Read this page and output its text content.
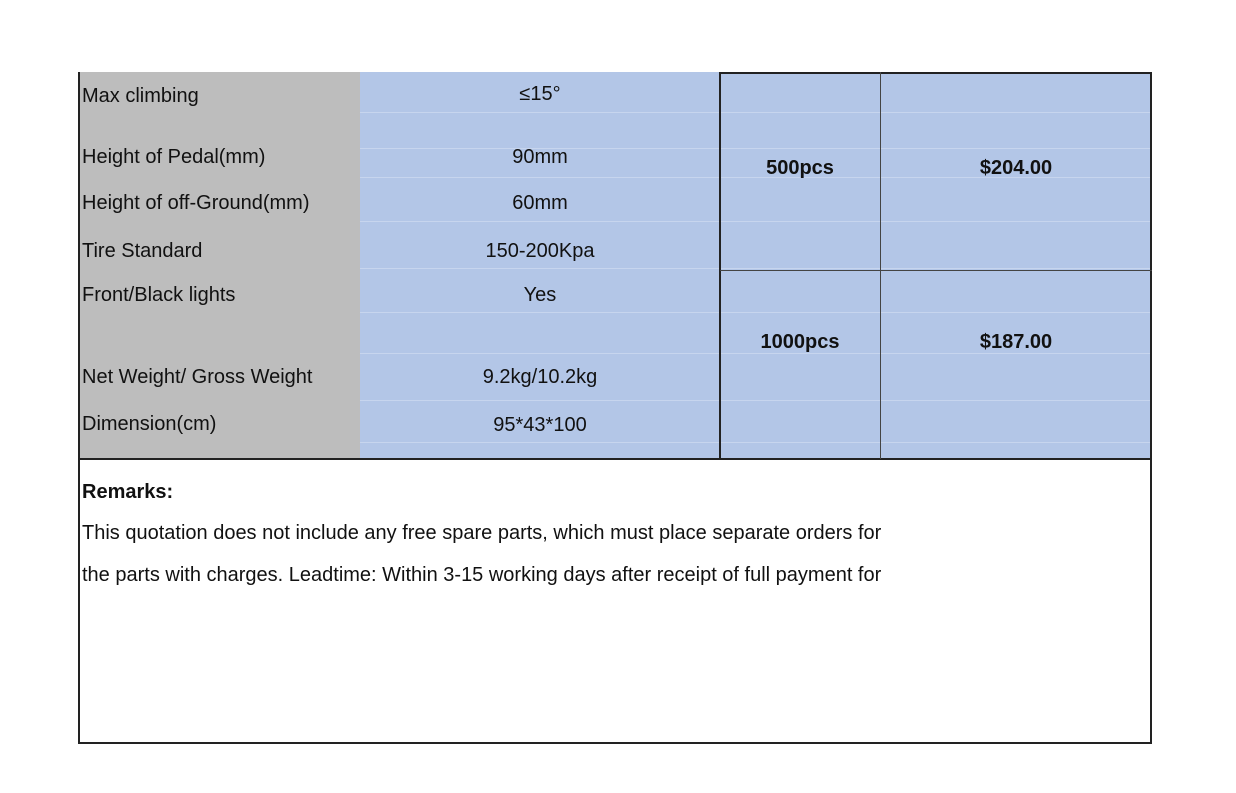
Max climbing
Height of Pedal(mm)
Height of off-Ground(mm)
Tire Standard
Front/Black lights
Net Weight/ Gross Weight
Dimension(cm)
≤15°
90mm
60mm
150-200Kpa
Yes
9.2kg/10.2kg
95*43*100
500pcs	$204.00
1000pcs	$187.00
Remarks:
This quotation does not include any free spare parts, which must place separate orders for
the parts with charges. Leadtime: Within 3-15 working days after receipt of full payment for
